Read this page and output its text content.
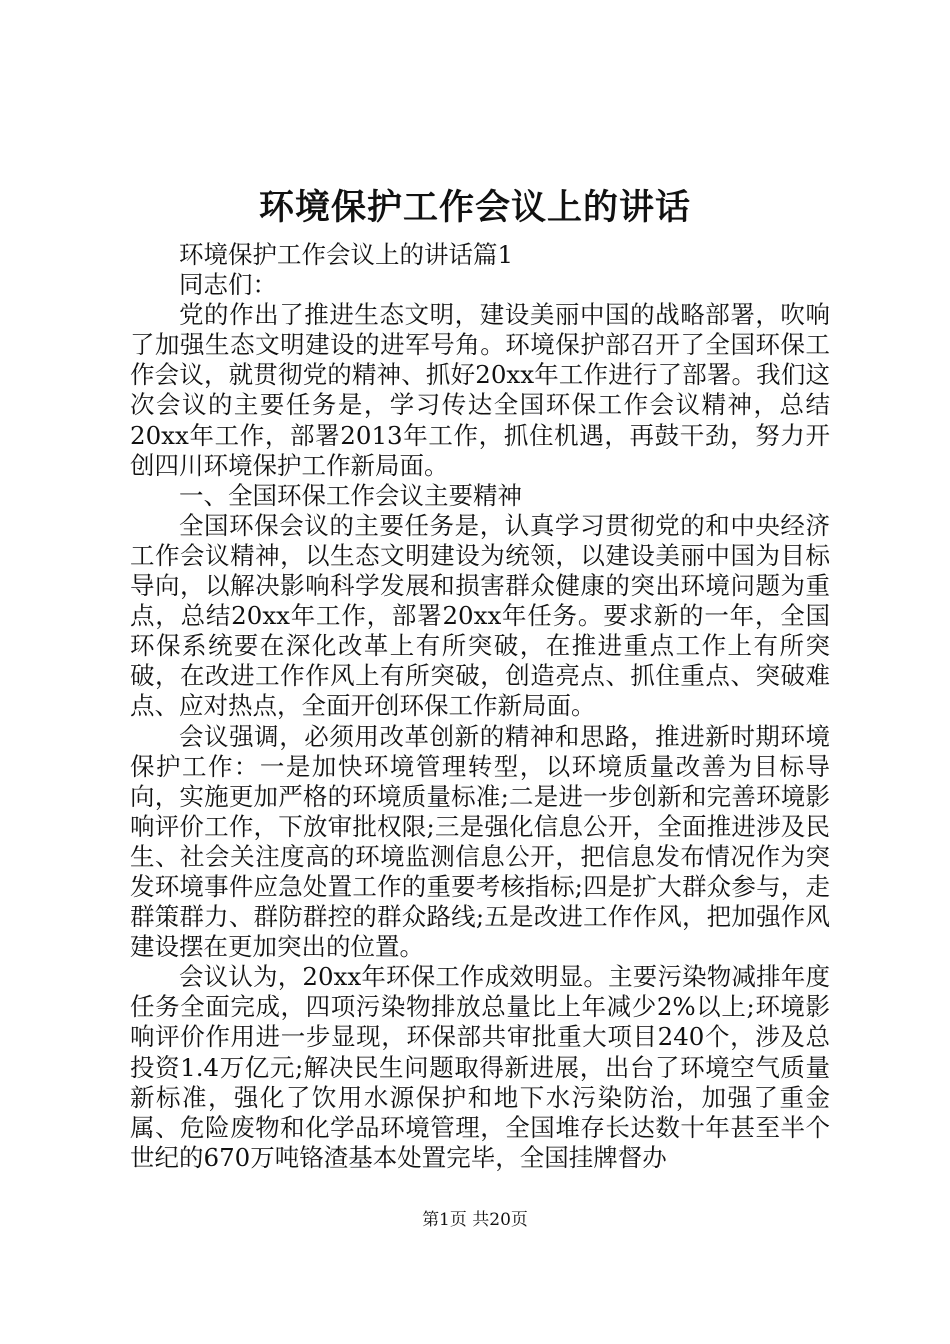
环境保护工作会议上的讲话

环境保护工作会议上的讲话篇1

同志们：

党的作出了推进生态文明，建设美丽中国的战略部署，吹响了加强生态文明建设的进军号角。环境保护部召开了全国环保工作会议，就贯彻党的精神、抓好20xx年工作进行了部署。我们这次会议的主要任务是，学习传达全国环保工作会议精神，总结20xx年工作，部署2013年工作，抓住机遇，再鼓干劲，努力开创四川环境保护工作新局面。

一、全国环保工作会议主要精神

全国环保会议的主要任务是，认真学习贯彻党的和中央经济工作会议精神，以生态文明建设为统领，以建设美丽中国为目标导向，以解决影响科学发展和损害群众健康的突出环境问题为重点，总结20xx年工作，部署20xx年任务。要求新的一年，全国环保系统要在深化改革上有所突破，在推进重点工作上有所突破，在改进工作作风上有所突破，创造亮点、抓住重点、突破难点、应对热点，全面开创环保工作新局面。

会议强调，必须用改革创新的精神和思路，推进新时期环境保护工作：一是加快环境管理转型，以环境质量改善为目标导向，实施更加严格的环境质量标准;二是进一步创新和完善环境影响评价工作，下放审批权限;三是强化信息公开，全面推进涉及民生、社会关注度高的环境监测信息公开，把信息发布情况作为突发环境事件应急处置工作的重要考核指标;四是扩大群众参与，走群策群力、群防群控的群众路线;五是改进工作作风，把加强作风建设摆在更加突出的位置。

会议认为，20xx年环保工作成效明显。主要污染物减排年度任务全面完成，四项污染物排放总量比上年减少2%以上;环境影响评价作用进一步显现，环保部共审批重大项目240个，涉及总投资1.4万亿元;解决民生问题取得新进展，出台了环境空气质量新标准，强化了饮用水源保护和地下水污染防治，加强了重金属、危险废物和化学品环境管理，全国堆存长达数十年甚至半个世纪的670万吨铬渣基本处置完毕，全国挂牌督办

第1页 共20页
